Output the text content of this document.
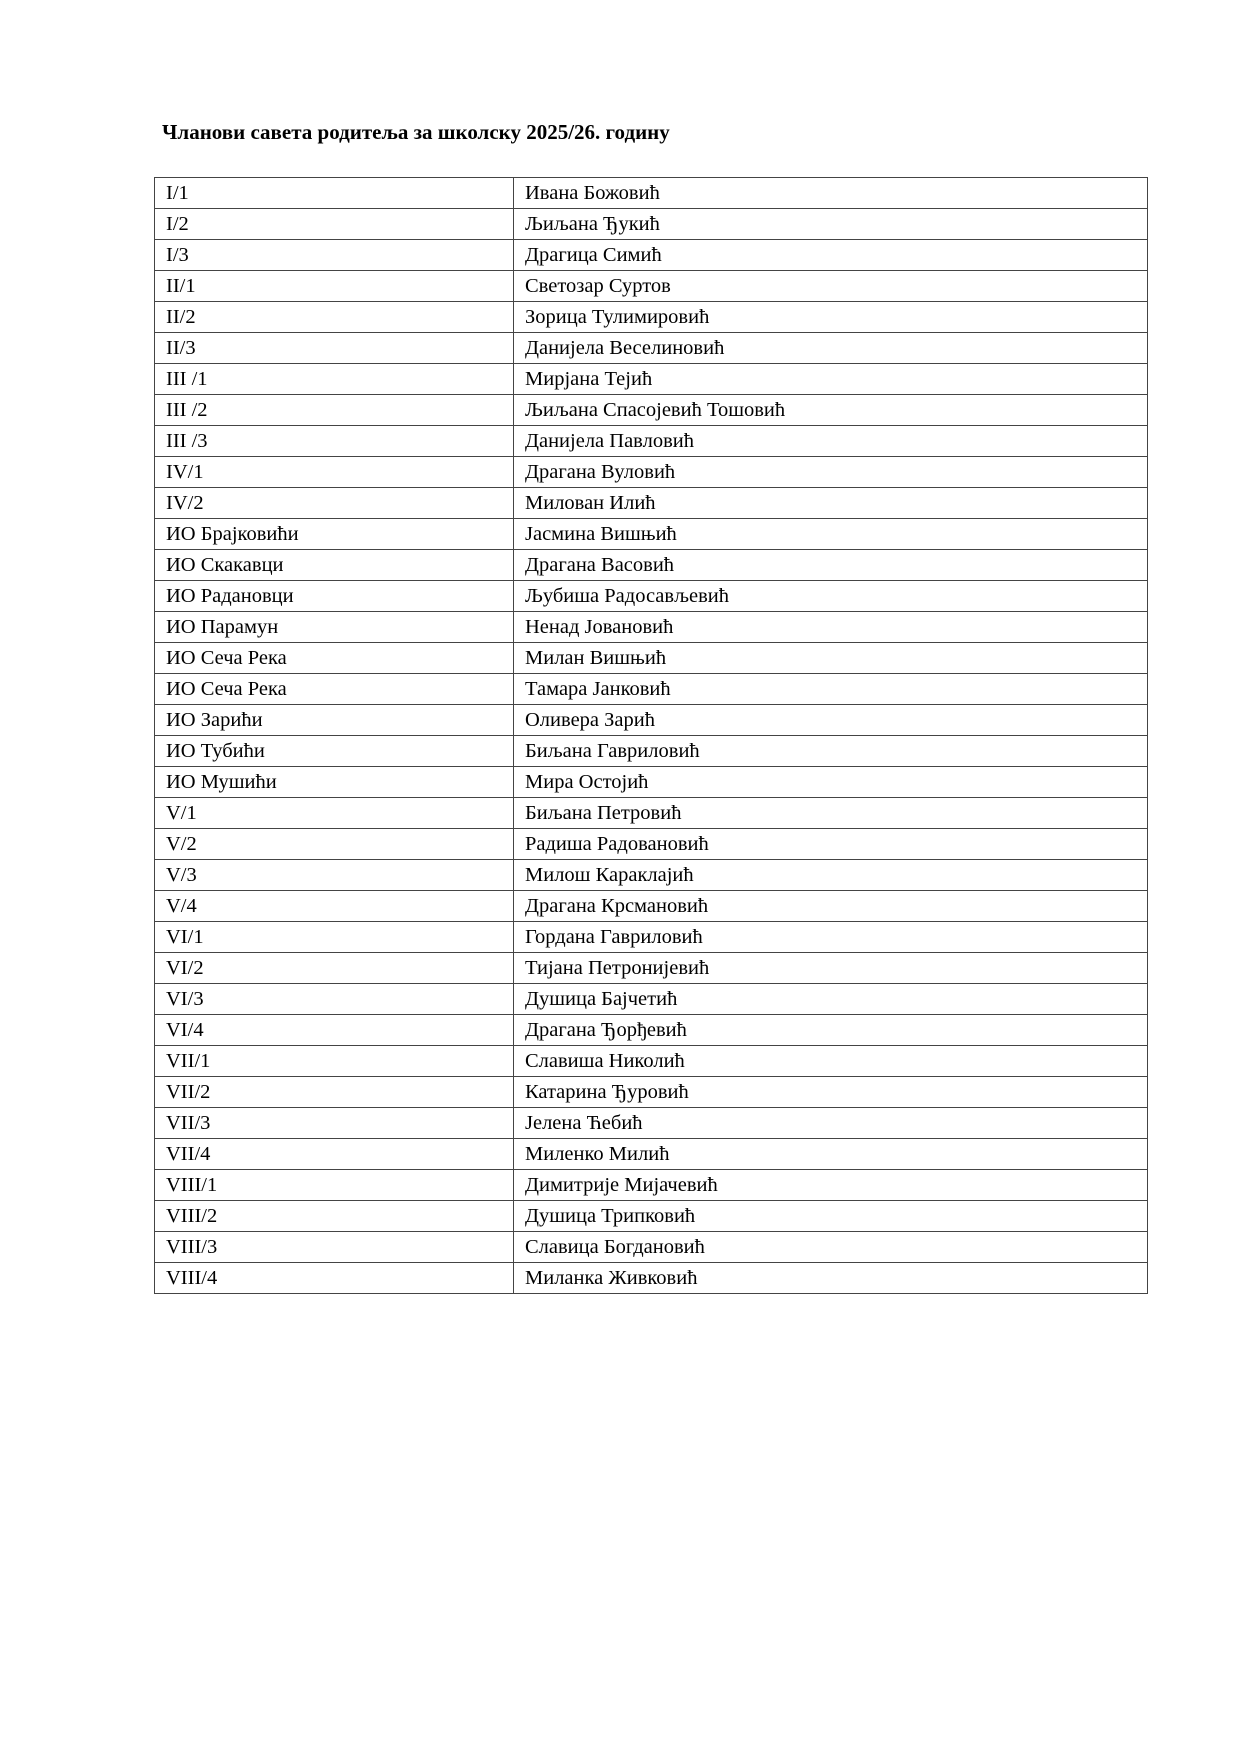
Чланови савета родитеља за школску 2025/26. годину
I/1	Ивана Божовић
I/2	Љиљана Ђукић
I/3	Драгица Симић
II/1	Светозар Суртов
II/2	Зорица Тулимировић
II/3	Данијела Веселиновић
III /1	Мирјана Тејић
III /2	Љиљана Спасојевић Тошовић
III /3	Данијела Павловић
IV/1	Драгана Вуловић
IV/2	Милован Илић
ИО Брајковићи	Јасмина Вишњић
ИО Скакавци	Драгана Васовић
ИО Радановци	Љубиша Радосављевић
ИО Парамун	Ненад Јовановић
ИО Сеча Река	Милан Вишњић
ИО Сеча Река	Тамара Јанковић
ИО Зарићи	Оливера Зарић
ИО Тубићи	Биљана Гавриловић
ИО Мушићи	Мира Остојић
V/1	Биљана Петровић
V/2	Радиша Радовановић
V/3	Милош Караклајић
V/4	Драгана Крсмановић
VI/1	Гордана Гавриловић
VI/2	Тијана Петронијевић
VI/3	Душица Бајчетић
VI/4	Драгана Ђорђевић
VII/1	Славиша Николић
VII/2	Катарина Ђуровић
VII/3	Јелена Ћебић
VII/4	Миленко Милић
VIII/1	Димитрије Мијачевић
VIII/2	Душица Трипковић
VIII/3	Славица Богдановић
VIII/4	Миланка Живковић
